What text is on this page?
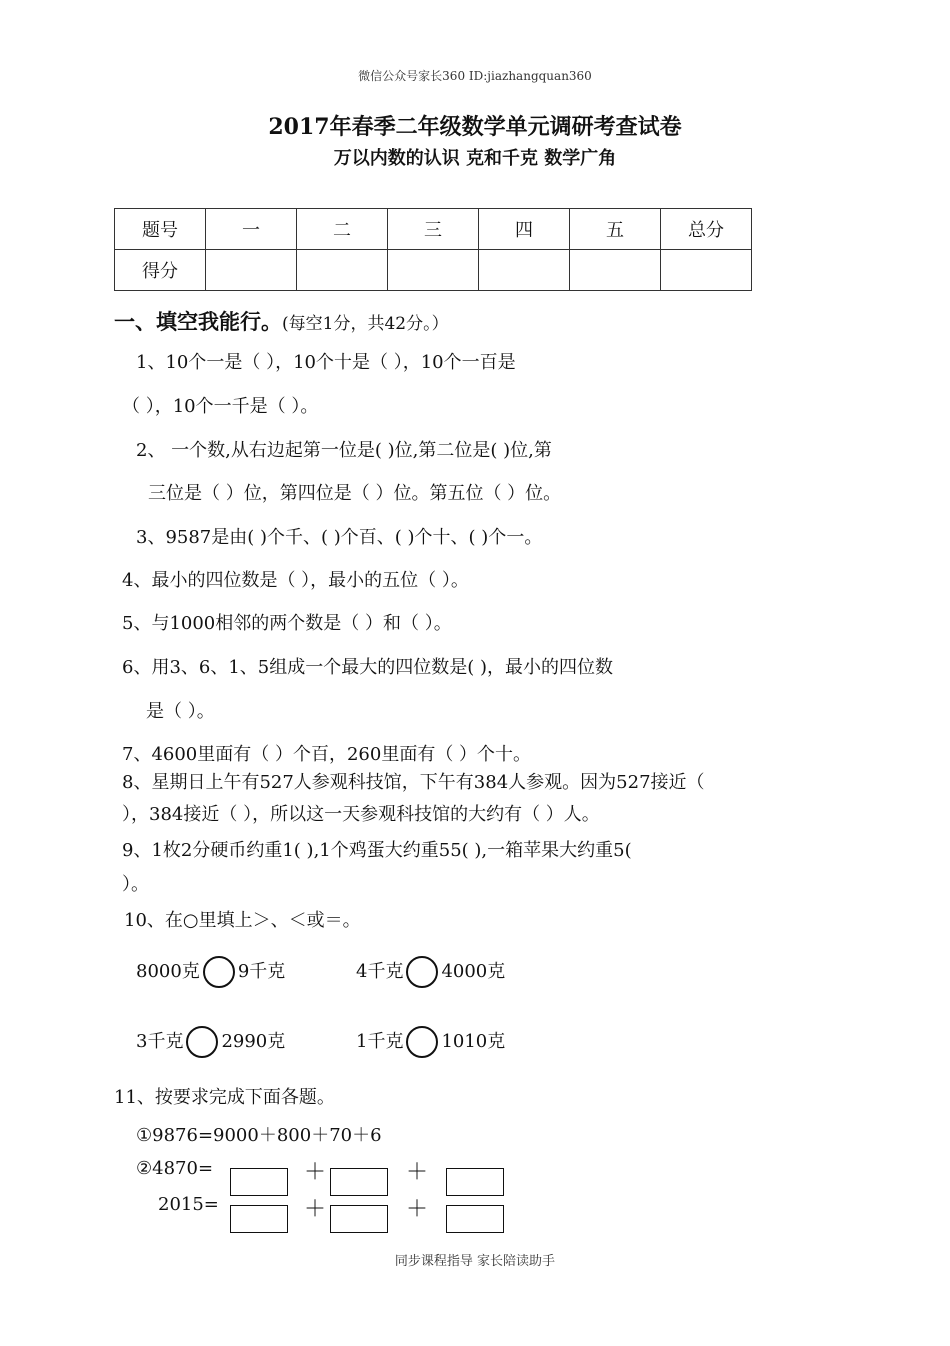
微信公众号家长360 ID:jiazhangquan360
2017年春季二年级数学单元调研考查试卷
万以内数的认识 克和千克 数学广角
题号	一	二	三	四	五	总分
得分						
一、填空我能行。(每空1分，共42分。）
1、10个一是（ ），10个十是（ ），10个一百是
（ ），10个一千是（ ）。
2、 一个数,从右边起第一位是( )位,第二位是( )位,第
三位是（ ）位，第四位是（ ）位。第五位（ ）位。
3、9587是由( )个千、( )个百、( )个十、( )个一。
4、最小的四位数是（ ），最小的五位（ ）。
5、与1000相邻的两个数是（ ）和（ ）。
6、用3、6、1、5组成一个最大的四位数是( )，最小的四位数
是（ ）。
7、4600里面有（ ）个百，260里面有（ ）个十。
8、星期日上午有527人参观科技馆，下午有384人参观。因为527接近（
），384接近（ ），所以这一天参观科技馆的大约有（ ）人。
9、1枚2分硬币约重1( ),1个鸡蛋大约重55( ),一箱苹果大约重5(
）。
10、在○里填上＞、＜或＝。
8000克 9千克	4千克 4000克
3千克 2990克	1千克 1010克
11、按要求完成下面各题。
①9876=9000＋800＋70＋6
②4870=
2015=
＋	＋
＋	＋
同步课程指导 家长陪读助手
